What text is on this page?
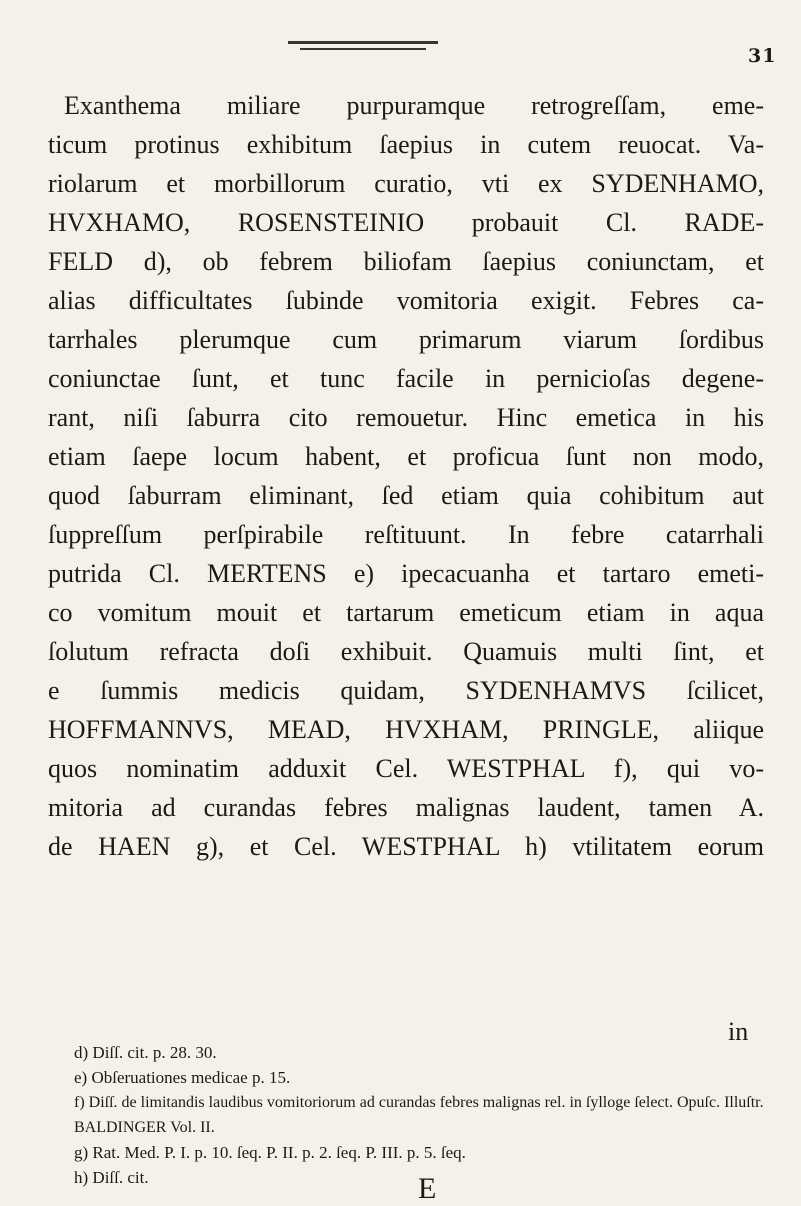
31
Exanthema miliare purpuramque retrogreſſam, eme-
ticum protinus exhibitum ſaepius in cutem reuocat. Va-
riolarum et morbillorum curatio, vti ex SYDENHAMO,
HVXHAMO, ROSENSTEINIO probauit Cl. RADE-
FELD d), ob febrem biliofam ſaepius coniunctam, et
alias difficultates ſubinde vomitoria exigit. Febres ca-
tarrhales plerumque cum primarum viarum ſordibus
coniunctae ſunt, et tunc facile in pernicioſas degene-
rant, niſi ſaburra cito remouetur. Hinc emetica in his
etiam ſaepe locum habent, et proficua ſunt non modo,
quod ſaburram eliminant, ſed etiam quia cohibitum aut
ſuppreſſum perſpirabile reſtituunt. In febre catarrhali
putrida Cl. MERTENS e) ipecacuanha et tartaro emeti-
co vomitum mouit et tartarum emeticum etiam in aqua
ſolutum refracta doſi exhibuit. Quamuis multi ſint, et
e ſummis medicis quidam, SYDENHAMVS ſcilicet,
HOFFMANNVS, MEAD, HVXHAM, PRINGLE, aliique
quos nominatim adduxit Cel. WESTPHAL f), qui vo-
mitoria ad curandas febres malignas laudent, tamen A.
de HAEN g), et Cel. WESTPHAL h) vtilitatem eorum
in
d) Diſſ. cit. p. 28. 30.
e) Obſeruationes medicae p. 15.
f) Diſſ. de limitandis laudibus vomitoriorum ad curandas febres malignas rel. in ſylloge ſelect. Opuſc. Illuſtr. BALDINGER Vol. II.
g) Rat. Med. P. I. p. 10. ſeq. P. II. p. 2. ſeq. P. III. p. 5. ſeq.
h) Diſſ. cit.	E
